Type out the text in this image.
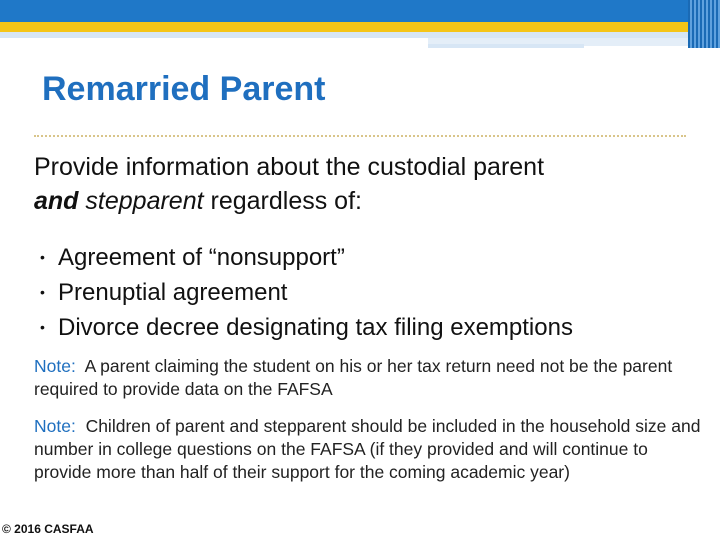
Remarried Parent

Provide information about the custodial parent
and stepparent regardless of:

• Agreement of “nonsupport”
• Prenuptial agreement
• Divorce decree designating tax filing exemptions

Note: A parent claiming the student on his or her tax return need not be the parent required to provide data on the FAFSA

Note: Children of parent and stepparent should be included in the household size and number in college questions on the FAFSA (if they provided and will continue to provide more than half of their support for the coming academic year)

© 2016 CASFAA
